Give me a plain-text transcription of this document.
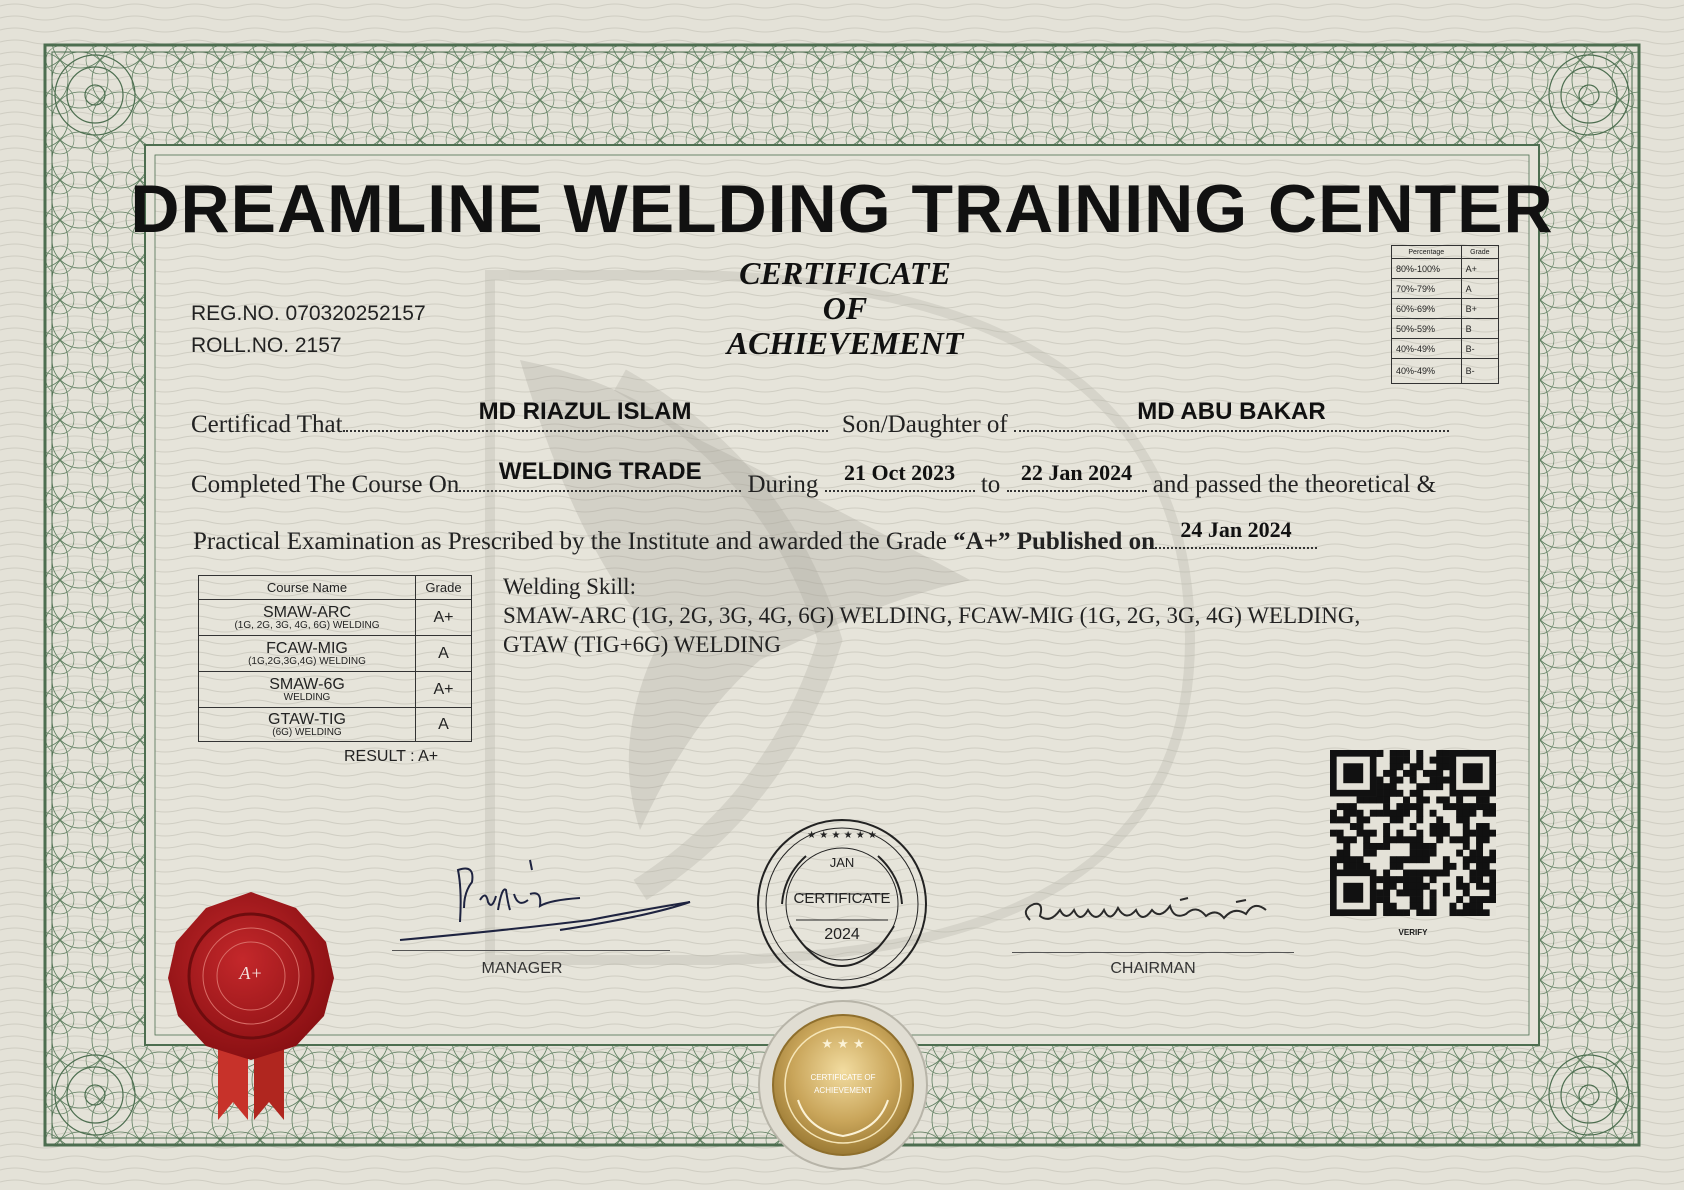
DREAMLINE WELDING TRAINING CENTER
CERTIFICATE
OF
ACHIEVEMENT
REG.NO. 070320252157
ROLL.NO. 2157
Percentage	Grade
80%-100%	A+
70%-79%	A
60%-69%	B+
50%-59%	B
40%-49%	B-
40%-49%	B-
Certificad That	MD RIAZUL ISLAM	Son/Daughter of	MD ABU BAKAR
Completed The Course On	WELDING TRADE	During	21 Oct 2023	to 22 Jan 2024 and passed the theoretical &
Practical Examination as Prescribed by the Institute and awarded the Grade “A+” Published on	24 Jan 2024
Course Name	Grade

SMAW-ARC
(1G, 2G, 3G, 4G, 6G) WELDING	A+

FCAW-MIG
(1G,2G,3G,4G) WELDING	A

SMAW-6G
WELDING	A+

GTAW-TIG
(6G) WELDING	A
RESULT : A+
Welding Skill:
SMAW-ARC (1G, 2G, 3G, 4G, 6G) WELDING, FCAW-MIG (1G, 2G, 3G, 4G) WELDING,
GTAW (TIG+6G) WELDING
VERIFY
MANAGER	CHAIRMAN
★ ★ ★ ★ ★ ★
JAN
CERTIFICATE
2024
A+
★ ★ ★
CERTIFICATE OF
ACHIEVEMENT
